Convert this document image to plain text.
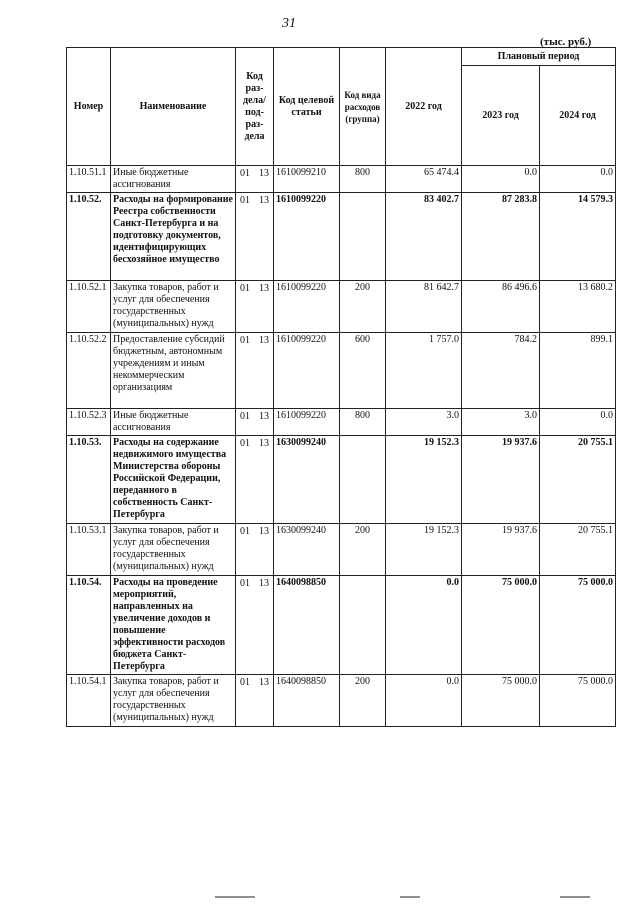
31
(тыс. руб.)
Номер	Наименование	Код раз-дела/ под-раз-дела	Код целевой статьи	Код вида расходов (группа)	2022 год	Плановый период	
						2023 год	2024 год
1.10.51.1	Иные бюджетные ассигнования	01 13	1610099210	800	65 474.4	0.0	0.0
1.10.52.	Расходы на формирование Реестра собственности Санкт-Петербурга и на подготовку документов, идентифицирующих бесхозяйное имущество	01 13	1610099220		83 402.7	87 283.8	14 579.3
1.10.52.1	Закупка товаров, работ и услуг для обеспечения государственных (муниципальных) нужд	01 13	1610099220	200	81 642.7	86 496.6	13 680.2
1.10.52.2	Предоставление субсидий бюджетным, автономным учреждениям и иным некоммерческим организациям	01 13	1610099220	600	1 757.0	784.2	899.1
1.10.52.3	Иные бюджетные ассигнования	01 13	1610099220	800	3.0	3.0	0.0
1.10.53.	Расходы на содержание недвижимого имущества Министерства обороны Российской Федерации, переданного в собственность Санкт-Петербурга	01 13	1630099240		19 152.3	19 937.6	20 755.1
1.10.53.1	Закупка товаров, работ и услуг для обеспечения государственных (муниципальных) нужд	01 13	1630099240	200	19 152.3	19 937.6	20 755.1
1.10.54.	Расходы на проведение мероприятий, направленных на увеличение доходов и повышение эффективности расходов бюджета Санкт-Петербурга	01 13	1640098850		0.0	75 000.0	75 000.0
1.10.54.1	Закупка товаров, работ и услуг для обеспечения государственных (муниципальных) нужд	01 13	1640098850	200	0.0	75 000.0	75 000.0
